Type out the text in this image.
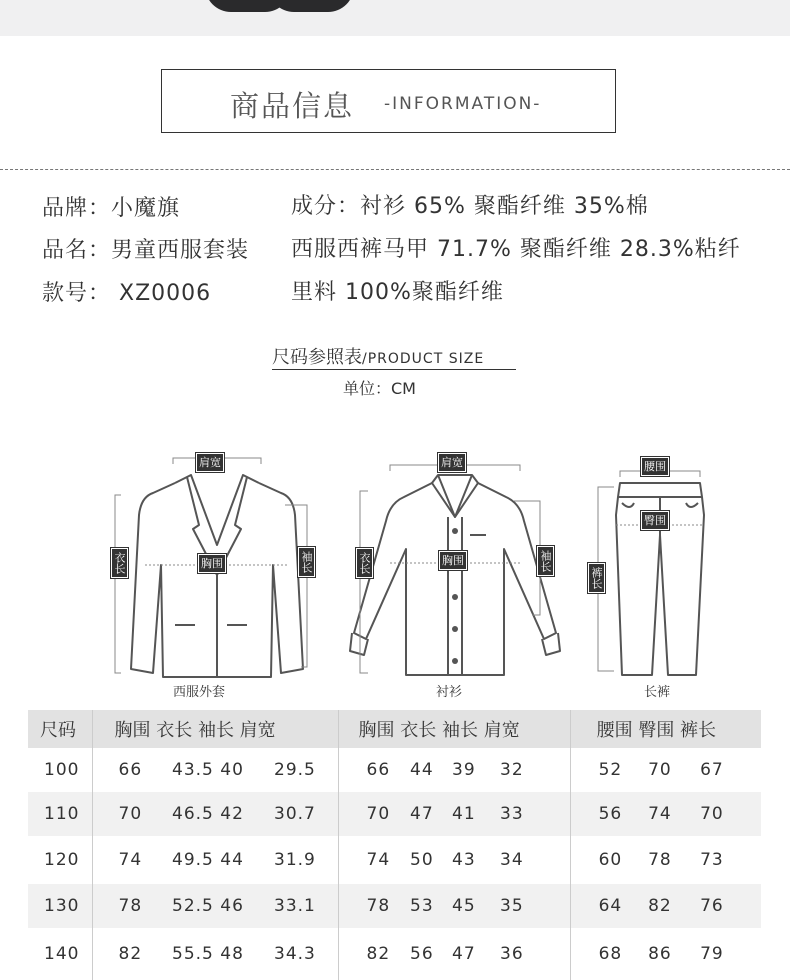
商品信息 -INFORMATION-
品牌：小魔旗
品名：男童西服套装
款号： XZ0006
成分：衬衫 65% 聚酯纤维 35%棉
西服西裤马甲 71.7% 聚酯纤维 28.3%粘纤
里料 100%聚酯纤维
尺码参照表/PRODUCT SIZE
单位：CM
肩宽
衣长	胸围	袖长
西服外套
肩宽
衣长	胸围	袖长
衬衫
腰围
臀围
裤长
长裤
尺码	胸围 衣长 袖长 肩宽			胸围 衣长 袖长 肩宽				腰围 臀围 裤长		
100	66	43.5 40	29.5	66	44	39	32	52	70	67
110	70	46.5 42	30.7	70	47	41	33	56	74	70
120	74	49.5 44	31.9	74	50	43	34	60	78	73
130	78	52.5 46	33.1	78	53	45	35	64	82	76
140	82	55.5 48	34.3	82	56	47	36	68	86	79
